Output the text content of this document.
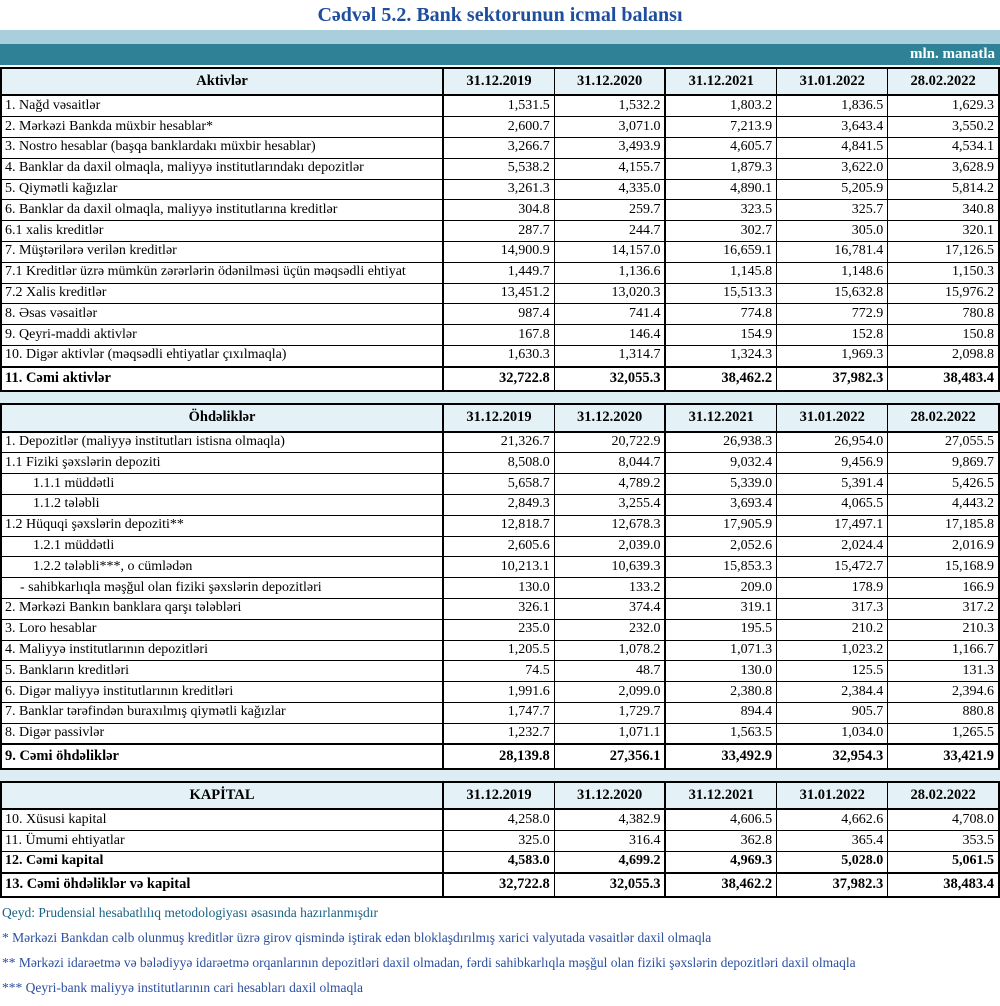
Cədvəl 5.2. Bank sektorunun icmal balansı
mln. manatla
Aktivlər	31.12.2019	31.12.2020	31.12.2021	31.01.2022	28.02.2022
1. Nağd vəsaitlər	1,531.5	1,532.2	1,803.2	1,836.5	1,629.3
2. Mərkəzi Bankda müxbir hesablar*	2,600.7	3,071.0	7,213.9	3,643.4	3,550.2
3. Nostro hesablar (başqa banklardakı müxbir hesablar)	3,266.7	3,493.9	4,605.7	4,841.5	4,534.1
4. Banklar da daxil olmaqla, maliyyə institutlarındakı depozitlər	5,538.2	4,155.7	1,879.3	3,622.0	3,628.9
5. Qiymətli kağızlar	3,261.3	4,335.0	4,890.1	5,205.9	5,814.2
6. Banklar da daxil olmaqla, maliyyə institutlarına kreditlər	304.8	259.7	323.5	325.7	340.8
6.1 xalis kreditlər	287.7	244.7	302.7	305.0	320.1
7. Müştərilərə verilən kreditlər	14,900.9	14,157.0	16,659.1	16,781.4	17,126.5
7.1 Kreditlər üzrə mümkün zərərlərin ödənilməsi üçün məqsədli ehtiyat	1,449.7	1,136.6	1,145.8	1,148.6	1,150.3
7.2 Xalis kreditlər	13,451.2	13,020.3	15,513.3	15,632.8	15,976.2
8. Əsas vəsaitlər	987.4	741.4	774.8	772.9	780.8
9. Qeyri-maddi aktivlər	167.8	146.4	154.9	152.8	150.8
10. Digər aktivlər (məqsədli ehtiyatlar çıxılmaqla)	1,630.3	1,314.7	1,324.3	1,969.3	2,098.8
11. Cəmi aktivlər	32,722.8	32,055.3	38,462.2	37,982.3	38,483.4
Öhdəliklər	31.12.2019	31.12.2020	31.12.2021	31.01.2022	28.02.2022
1. Depozitlər (maliyyə institutları istisna olmaqla)	21,326.7	20,722.9	26,938.3	26,954.0	27,055.5
1.1 Fiziki şəxslərin depoziti	8,508.0	8,044.7	9,032.4	9,456.9	9,869.7
1.1.1 müddətli	5,658.7	4,789.2	5,339.0	5,391.4	5,426.5
1.1.2 tələbli	2,849.3	3,255.4	3,693.4	4,065.5	4,443.2
1.2 Hüquqi şəxslərin depoziti**	12,818.7	12,678.3	17,905.9	17,497.1	17,185.8
1.2.1 müddətli	2,605.6	2,039.0	2,052.6	2,024.4	2,016.9
1.2.2 tələbli***, o cümlədən	10,213.1	10,639.3	15,853.3	15,472.7	15,168.9
- sahibkarlıqla məşğul olan fiziki şəxslərin depozitləri	130.0	133.2	209.0	178.9	166.9
2. Mərkəzi Bankın banklara qarşı tələbləri	326.1	374.4	319.1	317.3	317.2
3. Loro hesablar	235.0	232.0	195.5	210.2	210.3
4. Maliyyə institutlarının depozitləri	1,205.5	1,078.2	1,071.3	1,023.2	1,166.7
5. Bankların kreditləri	74.5	48.7	130.0	125.5	131.3
6. Digər maliyyə institutlarının kreditləri	1,991.6	2,099.0	2,380.8	2,384.4	2,394.6
7. Banklar tərəfindən buraxılmış qiymətli kağızlar	1,747.7	1,729.7	894.4	905.7	880.8
8. Digər passivlər	1,232.7	1,071.1	1,563.5	1,034.0	1,265.5
9. Cəmi öhdəliklər	28,139.8	27,356.1	33,492.9	32,954.3	33,421.9
KAPİTAL	31.12.2019	31.12.2020	31.12.2021	31.01.2022	28.02.2022
10. Xüsusi kapital	4,258.0	4,382.9	4,606.5	4,662.6	4,708.0
11. Ümumi ehtiyatlar	325.0	316.4	362.8	365.4	353.5
12. Cəmi kapital	4,583.0	4,699.2	4,969.3	5,028.0	5,061.5
13. Cəmi öhdəliklər və kapital	32,722.8	32,055.3	38,462.2	37,982.3	38,483.4
Qeyd: Prudensial hesabatlılıq metodologiyası əsasında hazırlanmışdır
* Mərkəzi Bankdan cəlb olunmuş kreditlər üzrə girov qismində iştirak edən bloklaşdırılmış xarici valyutada vəsaitlər daxil olmaqla
** Mərkəzi idarəetmə və bələdiyyə idarəetmə orqanlarının depozitləri daxil olmadan, fərdi sahibkarlıqla məşğul olan fiziki şəxslərin depozitləri daxil olmaqla
*** Qeyri-bank maliyyə institutlarının cari hesabları daxil olmaqla
